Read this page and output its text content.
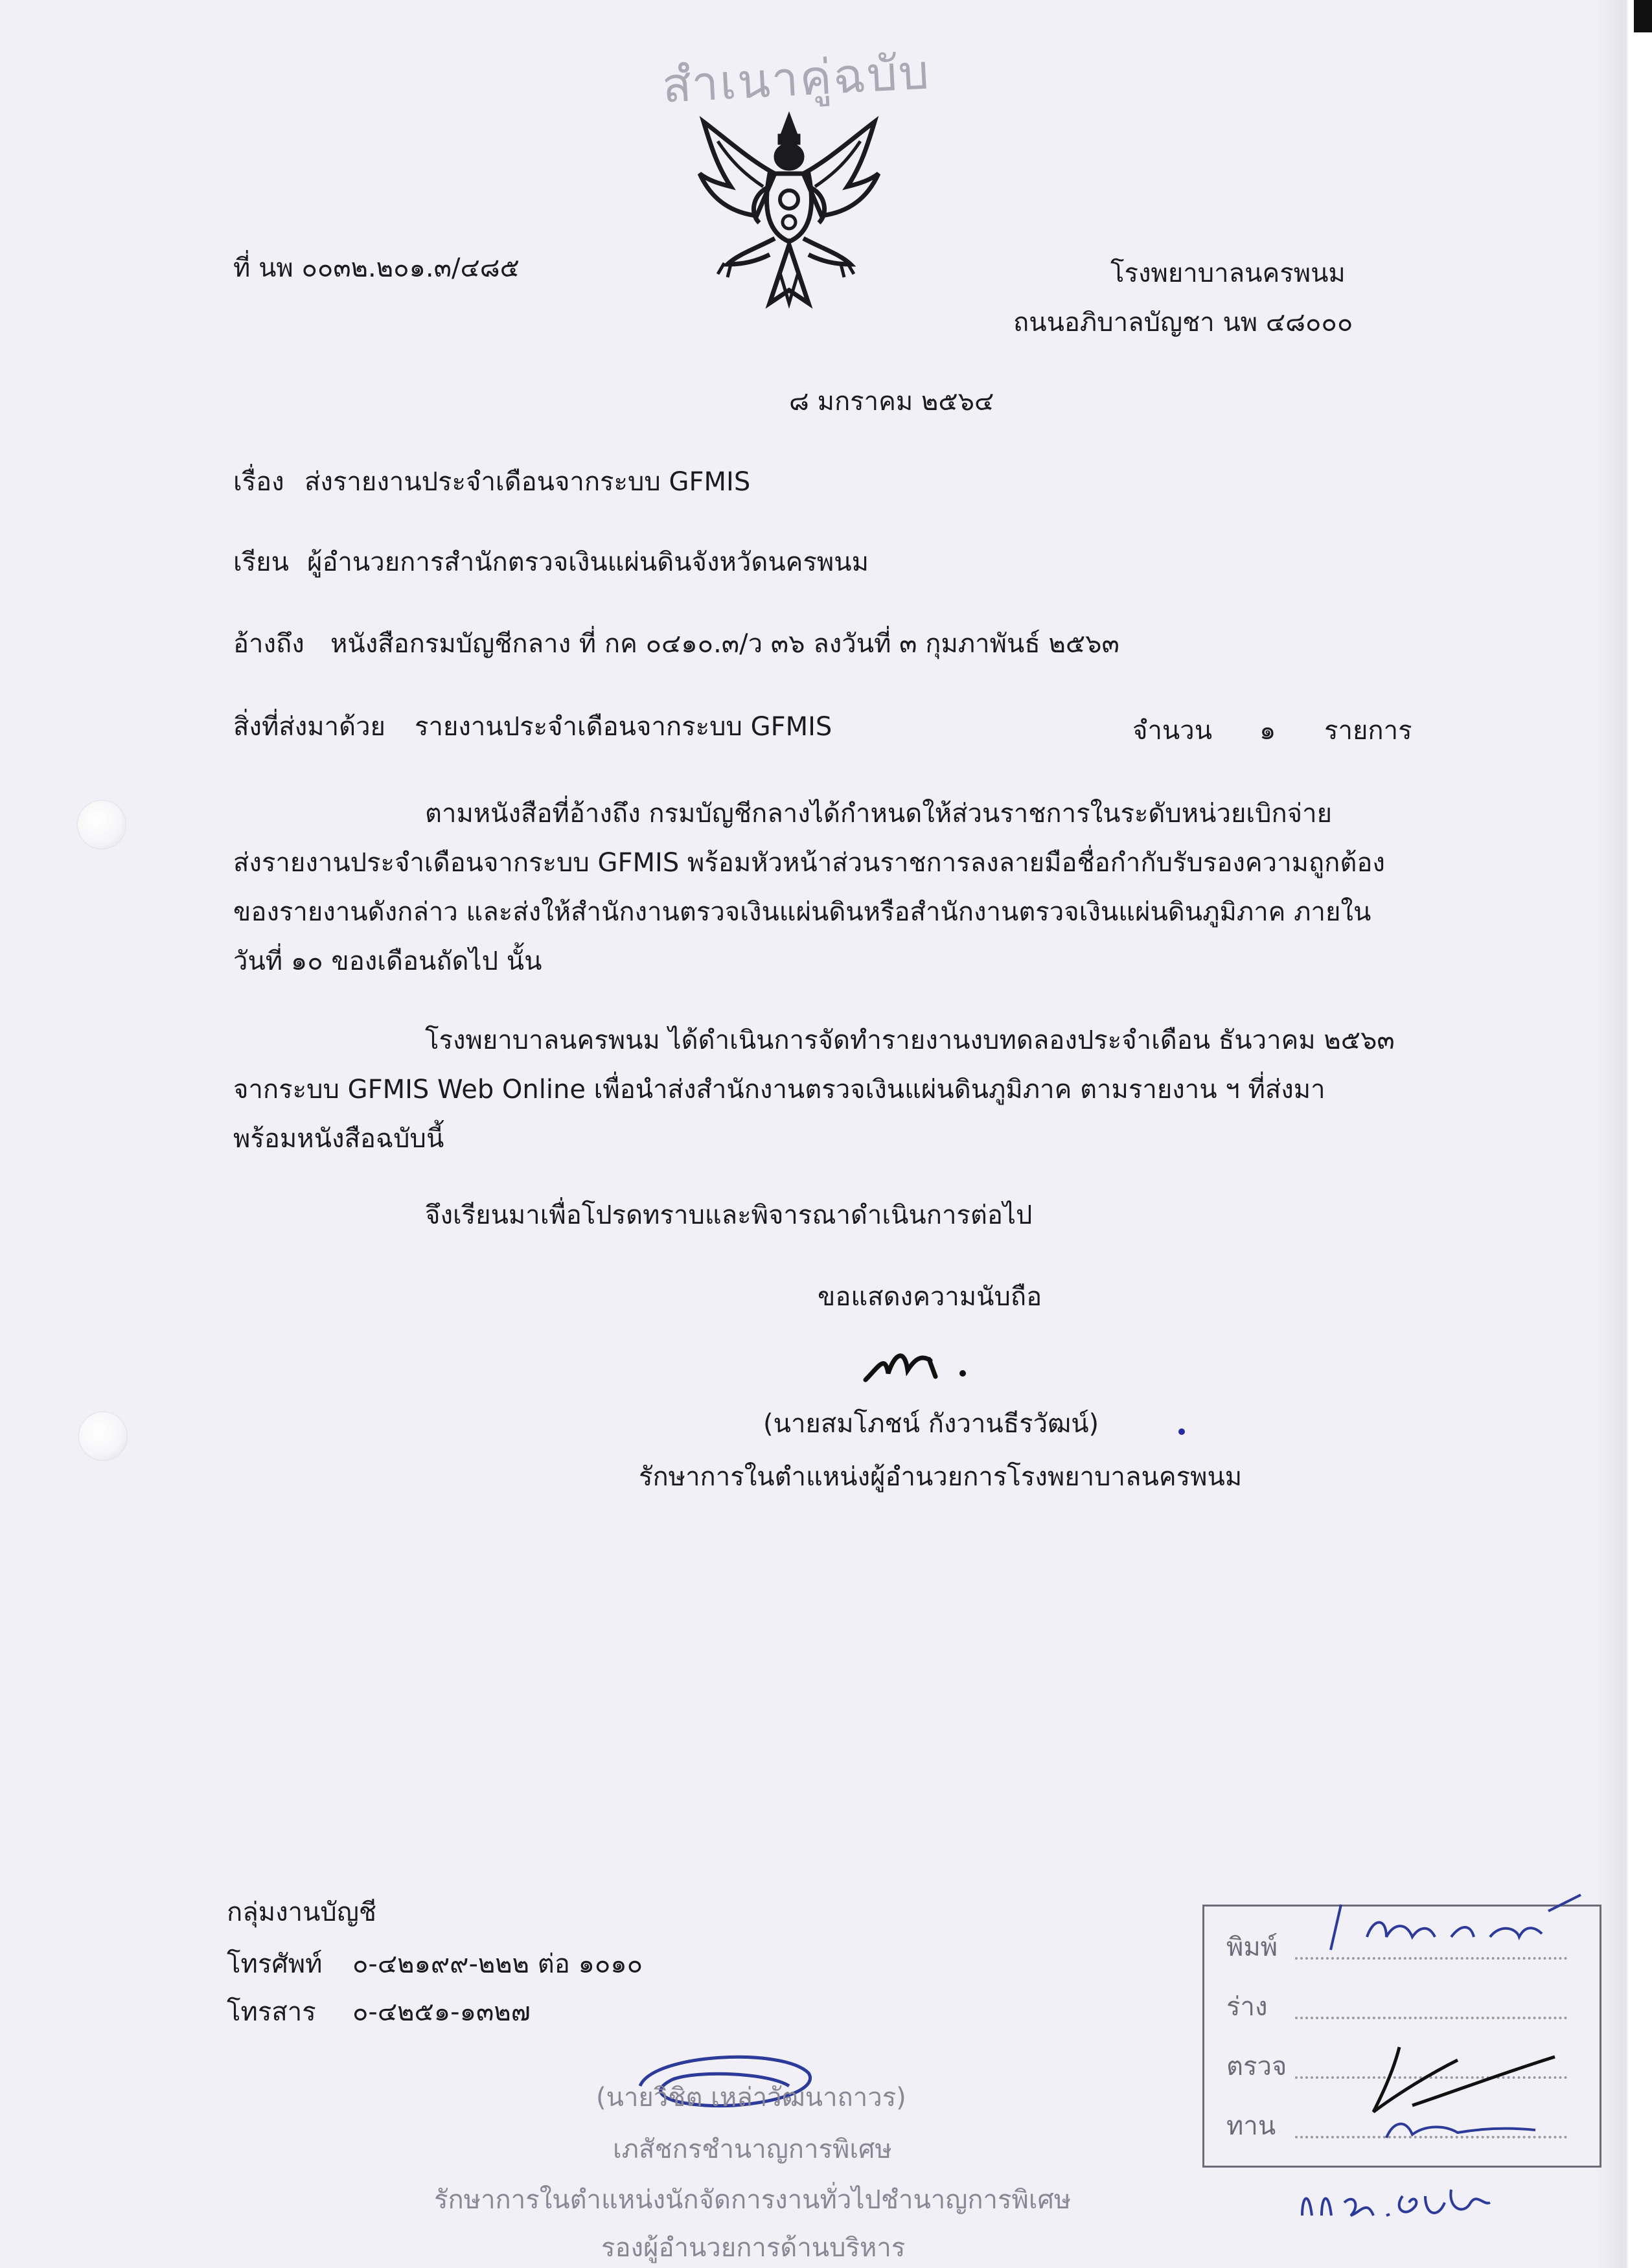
สำเนาคู่ฉบับ
ที่ นพ ๐๐๓๒.๒๐๑.๓/๔๘๕	โรงพยาบาลนครพนม
ถนนอภิบาลบัญชา นพ ๔๘๐๐๐
๘ มกราคม ๒๕๖๔
เรื่อง ส่งรายงานประจำเดือนจากระบบ GFMIS
เรียน ผู้อำนวยการสำนักตรวจเงินแผ่นดินจังหวัดนครพนม
อ้างถึง หนังสือกรมบัญชีกลาง ที่ กค ๐๔๑๐.๓/ว ๓๖ ลงวันที่ ๓ กุมภาพันธ์ ๒๕๖๓
สิ่งที่ส่งมาด้วย รายงานประจำเดือนจากระบบ GFMIS	จำนวน ๑ รายการ
ตามหนังสือที่อ้างถึง กรมบัญชีกลางได้กำหนดให้ส่วนราชการในระดับหน่วยเบิกจ่าย
ส่งรายงานประจำเดือนจากระบบ GFMIS พร้อมหัวหน้าส่วนราชการลงลายมือชื่อกำกับรับรองความถูกต้อง
ของรายงานดังกล่าว และส่งให้สำนักงานตรวจเงินแผ่นดินหรือสำนักงานตรวจเงินแผ่นดินภูมิภาค ภายใน
วันที่ ๑๐ ของเดือนถัดไป นั้น
โรงพยาบาลนครพนม ได้ดำเนินการจัดทำรายงานงบทดลองประจำเดือน ธันวาคม ๒๕๖๓
จากระบบ GFMIS Web Online เพื่อนำส่งสำนักงานตรวจเงินแผ่นดินภูมิภาค ตามรายงาน ฯ ที่ส่งมา
พร้อมหนังสือฉบับนี้
จึงเรียนมาเพื่อโปรดทราบและพิจารณาดำเนินการต่อไป
ขอแสดงความนับถือ
(นายสมโภชน์ กังวานธีรวัฒน์)
รักษาการในตำแหน่งผู้อำนวยการโรงพยาบาลนครพนม
กลุ่มงานบัญชี
โทรศัพท์ ๐-๔๒๑๙๙-๒๒๒ ต่อ ๑๐๑๐
โทรสาร ๐-๔๒๕๑-๑๓๒๗
(นายวิชิต เหล่าวัฒนาถาวร)
เภสัชกรชำนาญการพิเศษ
รักษาการในตำแหน่งนักจัดการงานทั่วไปชำนาญการพิเศษ
รองผู้อำนวยการด้านบริหาร
พิมพ์
ร่าง
ตรวจ
ทาน
